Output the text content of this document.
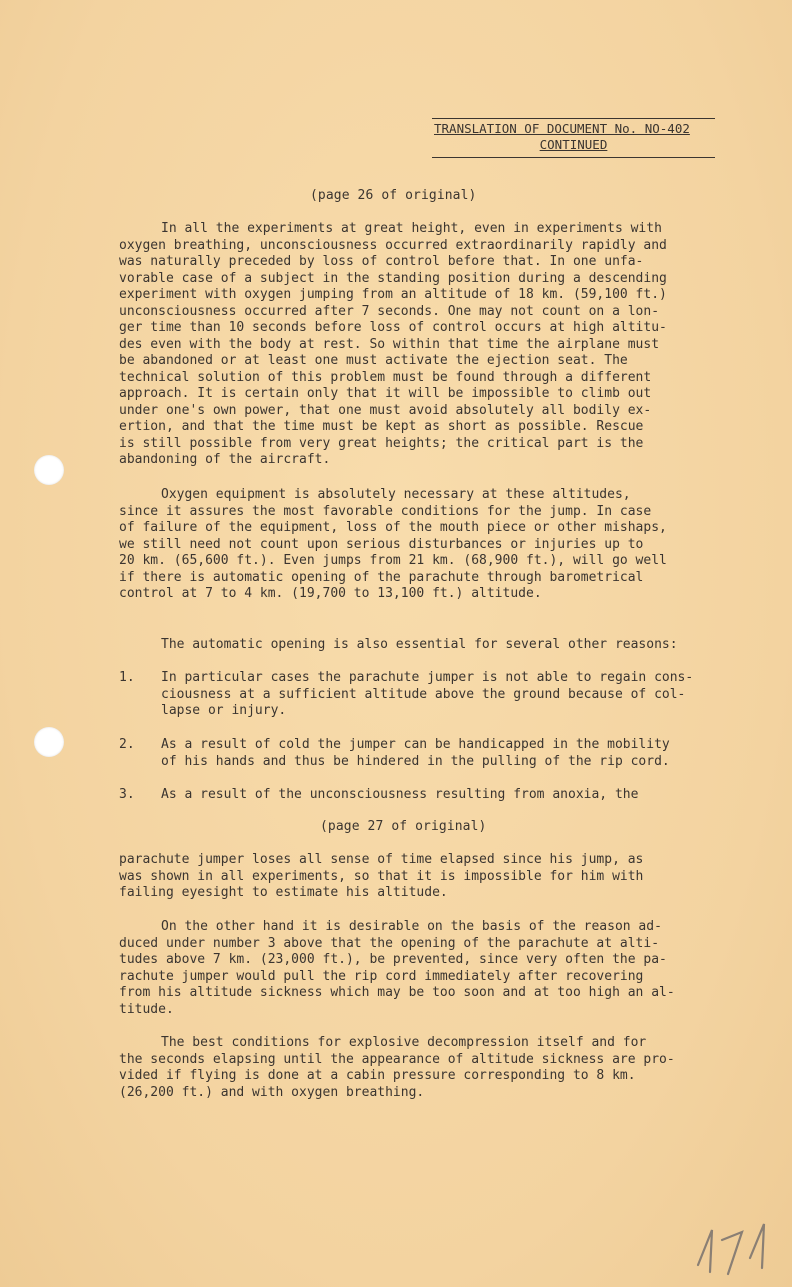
TRANSLATION OF DOCUMENT No. NO-402
CONTINUED
(page 26 of original)

In all the experiments at great height, even in experiments with
oxygen breathing, unconsciousness occurred extraordinarily rapidly and
was naturally preceded by loss of control before that. In one unfa-
vorable case of a subject in the standing position during a descending
experiment with oxygen jumping from an altitude of 18 km. (59,100 ft.)
unconsciousness occurred after 7 seconds. One may not count on a lon-
ger time than 10 seconds before loss of control occurs at high altitu-
des even with the body at rest. So within that time the airplane must
be abandoned or at least one must activate the ejection seat. The
technical solution of this problem must be found through a different
approach. It is certain only that it will be impossible to climb out
under one's own power, that one must avoid absolutely all bodily ex-
ertion, and that the time must be kept as short as possible. Rescue
is still possible from very great heights; the critical part is the
abandoning of the aircraft.

Oxygen equipment is absolutely necessary at these altitudes,
since it assures the most favorable conditions for the jump. In case
of failure of the equipment, loss of the mouth piece or other mishaps,
we still need not count upon serious disturbances or injuries up to
20 km. (65,600 ft.). Even jumps from 21 km. (68,900 ft.), will go well
if there is automatic opening of the parachute through barometrical
control at 7 to 4 km. (19,700 to 13,100 ft.) altitude.

The automatic opening is also essential for several other reasons:

1. In particular cases the parachute jumper is not able to regain cons-
ciousness at a sufficient altitude above the ground because of col-
lapse or injury.
2. As a result of cold the jumper can be handicapped in the mobility
of his hands and thus be hindered in the pulling of the rip cord.
3. As a result of the unconsciousness resulting from anoxia, the
(page 27 of original)

parachute jumper loses all sense of time elapsed since his jump, as
was shown in all experiments, so that it is impossible for him with
failing eyesight to estimate his altitude.

On the other hand it is desirable on the basis of the reason ad-
duced under number 3 above that the opening of the parachute at alti-
tudes above 7 km. (23,000 ft.), be prevented, since very often the pa-
rachute jumper would pull the rip cord immediately after recovering
from his altitude sickness which may be too soon and at too high an al-
titude.

The best conditions for explosive decompression itself and for
the seconds elapsing until the appearance of altitude sickness are pro-
vided if flying is done at a cabin pressure corresponding to 8 km.
(26,200 ft.) and with oxygen breathing.
